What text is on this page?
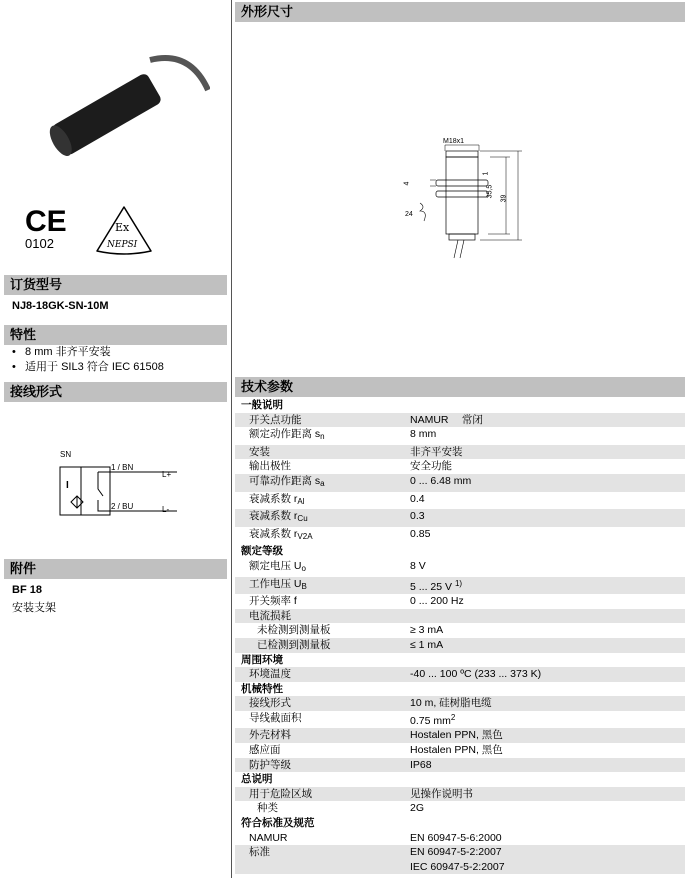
CE
0102
Ex
NEPSI
订货型号
NJ8-18GK-SN-10M
特性
•   8 mm 非齐平安装
•   适用于 SIL3 符合 IEC 61508
接线形式
SN
I
1 / BN
L+
2 / BU	L-
附件
BF 18
安装支架
外形尺寸
M18x1
4
1
35,5
39
24
技术参数
一般说明
开关点功能	NAMUR　 常闭
额定动作距离 $s_n$	8 mm
安装	非齐平安装
输出极性	安全功能
可靠动作距离 $s_a$	0 ... 6.48 mm
衰减系数 $r_{Al}$	0.4
衰减系数 $r_{Cu}$	0.3
衰减系数 $r_{V2A}$	0.85
额定等级
额定电压 $U_o$	8 V
工作电压 $U_B$	5 ... 25 V $^{1)}$
开关频率 f	0 ... 200 Hz
电流损耗
未检测到测量板	≥ 3 mA
已检测到测量板	≤ 1 mA
周围环境
环境温度	-40 ... 100 ºC (233 ... 373 K)
机械特性
接线形式	10 m, 硅树脂电缆
导线截面积	0.75 $mm^2$
外壳材料	Hostalen PPN, 黑色
感应面	Hostalen PPN, 黑色
防护等级	IP68
总说明
用于危险区域	见操作说明书
种类	2G
符合标准及规范
NAMUR	EN 60947-5-6:2000
标准	EN 60947-5-2:2007
IEC 60947-5-2:2007
